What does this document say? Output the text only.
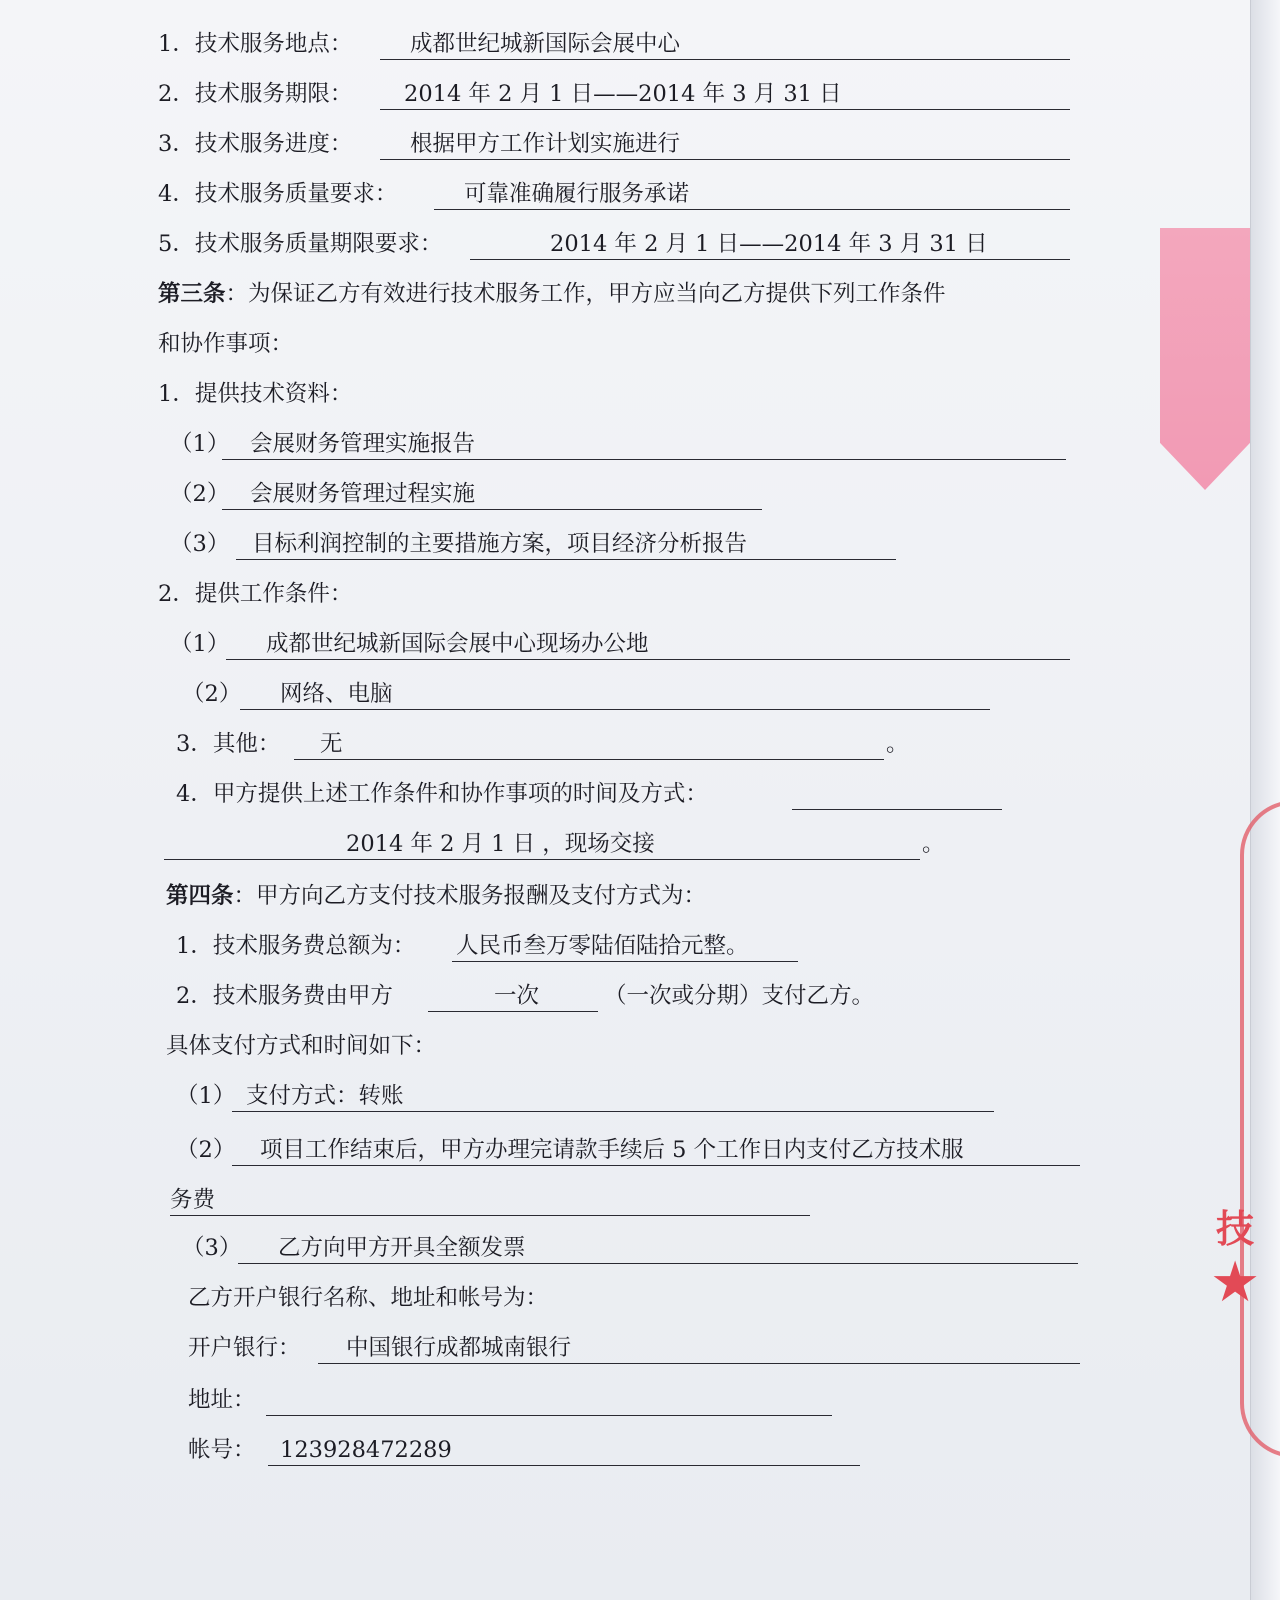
1．技术服务地点：	成都世纪城新国际会展中心
2．技术服务期限： 2014 年 2 月 1 日——2014 年 3 月 31 日
3．技术服务进度：	根据甲方工作计划实施进行
4．技术服务质量要求：	可靠准确履行服务承诺
5．技术服务质量期限要求：	2014 年 2 月 1 日——2014 年 3 月 31 日
第三条：为保证乙方有效进行技术服务工作，甲方应当向乙方提供下列工作条件
和协作事项：
1．提供技术资料：
（1） 会展财务管理实施报告
（2） 会展财务管理过程实施
（3） 目标利润控制的主要措施方案，项目经济分析报告
2．提供工作条件：
（1） 成都世纪城新国际会展中心现场办公地
（2） 网络、电脑
3．其他： 无	。
4．甲方提供上述工作条件和协作事项的时间及方式：
2014 年 2 月 1 日 ，现场交接	。
第四条：甲方向乙方支付技术服务报酬及支付方式为：
1．技术服务费总额为： 人民币叁万零陆佰陆拾元整。
2．技术服务费由甲方	一次	（一次或分期）支付乙方。
具体支付方式和时间如下：
（1） 支付方式：转账
（2） 项目工作结束后，甲方办理完请款手续后 5 个工作日内支付乙方技术服
务费
（3） 乙方向甲方开具全额发票
乙方开户银行名称、地址和帐号为：
开户银行： 中国银行成都城南银行
地址：
帐号： 123928472289
技
★
